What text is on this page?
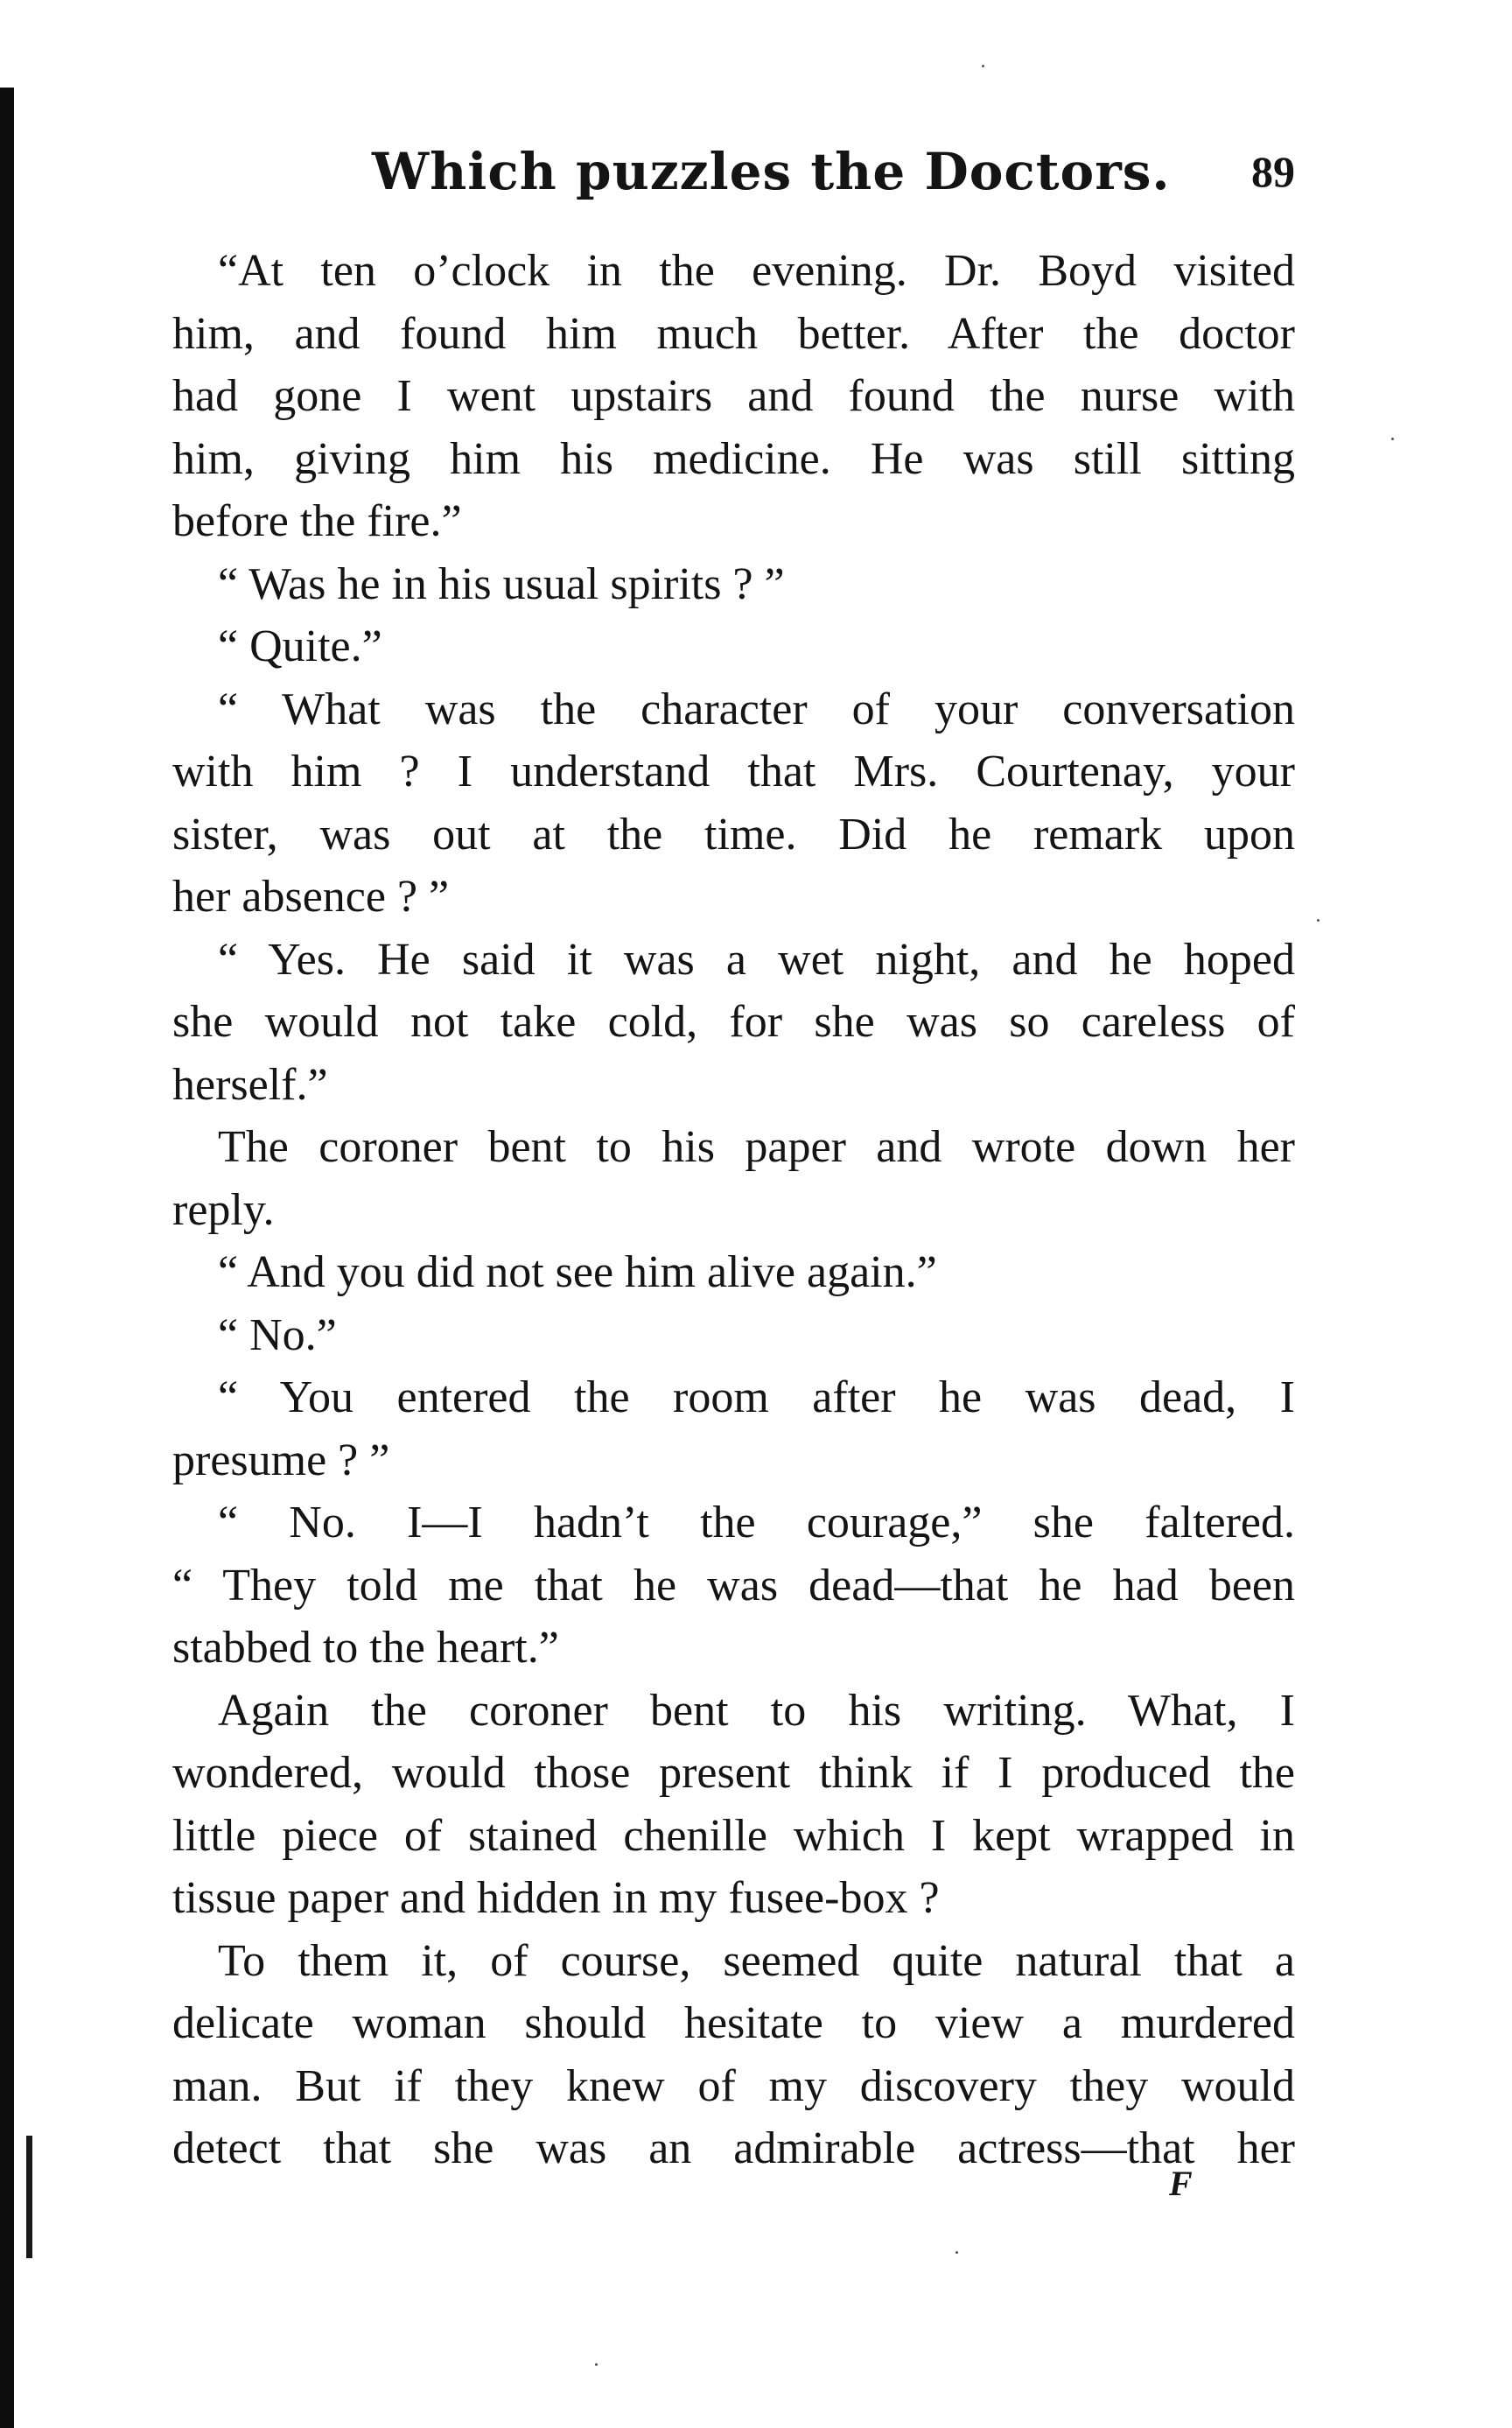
Which puzzles the Doctors. 89
“At ten o’clock in the evening. Dr. Boyd visited
him, and found him much better. After the doctor
had gone I went upstairs and found the nurse with
him, giving him his medicine. He was still sitting
before the fire.”
“ Was he in his usual spirits ? ”
“ Quite.”
“ What was the character of your conversation
with him ? I understand that Mrs. Courtenay, your
sister, was out at the time. Did he remark upon
her absence ? ”
“ Yes. He said it was a wet night, and he hoped
she would not take cold, for she was so careless of
herself.”
The coroner bent to his paper and wrote down her
reply.
“ And you did not see him alive again.”
“ No.”
“ You entered the room after he was dead, I
presume ? ”
“ No. I—I hadn’t the courage,” she faltered.
“ They told me that he was dead—that he had been
stabbed to the heart.”
Again the coroner bent to his writing. What, I
wondered, would those present think if I produced the
little piece of stained chenille which I kept wrapped in
tissue paper and hidden in my fusee-box ?
To them it, of course, seemed quite natural that a
delicate woman should hesitate to view a murdered
man. But if they knew of my discovery they would
detect that she was an admirable actress—that her
F
